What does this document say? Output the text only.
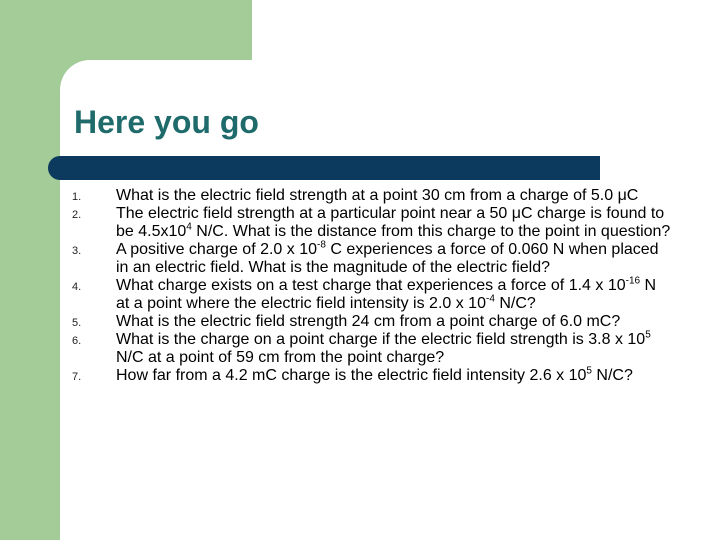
Here you go
1. What is the electric field strength at a point 30 cm from a charge of 5.0 μC
2. The electric field strength at a particular point near a 50 μC charge is found to be $4.5x10^4$ N/C. What is the distance from this charge to the point in question?
3. A positive charge of 2.0 x $10^{-8}$ C experiences a force of 0.060 N when placed in an electric field. What is the magnitude of the electric field?
4. What charge exists on a test charge that experiences a force of 1.4 x $10^{-16}$ N at a point where the electric field intensity is 2.0 x $10^{-4}$ N/C?
5. What is the electric field strength 24 cm from a point charge of 6.0 mC?
6. What is the charge on a point charge if the electric field strength is 3.8 x $10^5$ N/C at a point of 59 cm from the point charge?
7. How far from a 4.2 mC charge is the electric field intensity 2.6 x $10^5$ N/C?
